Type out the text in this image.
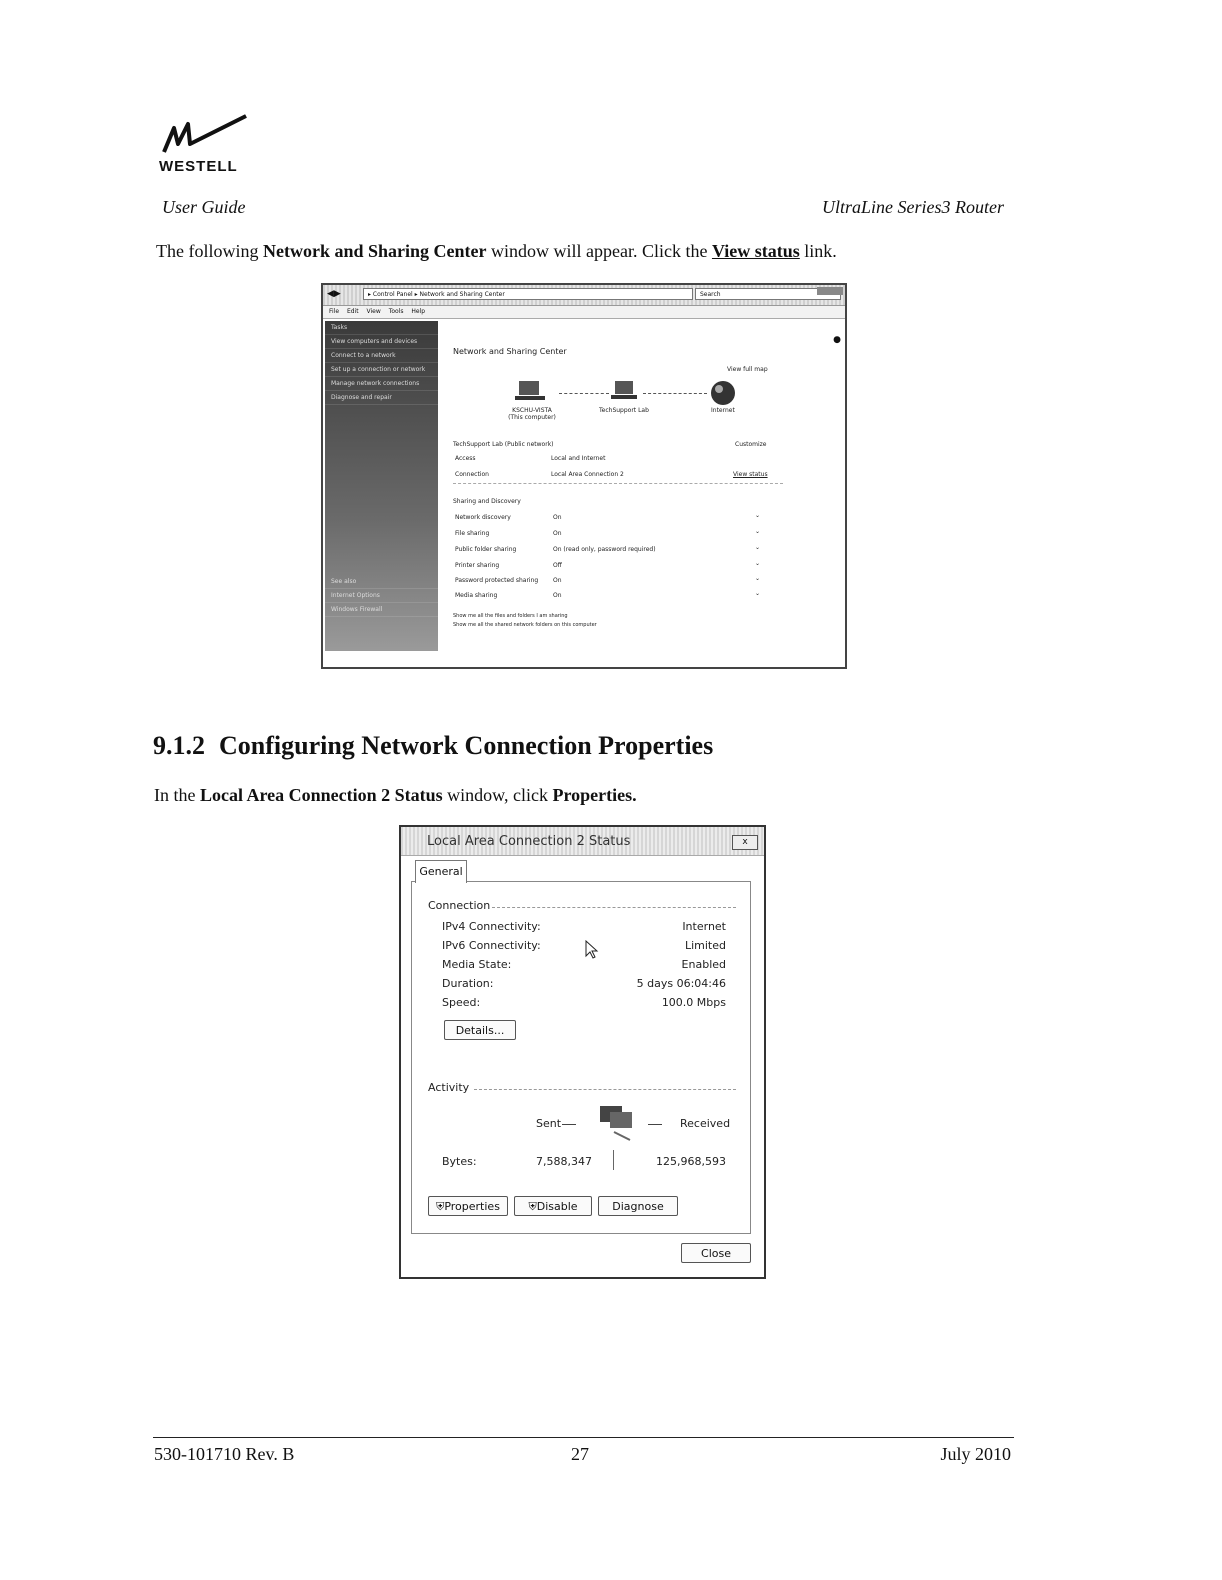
WESTELL
User Guide	UltraLine Series3 Router
The following Network and Sharing Center window will appear. Click the View status link.
◀▶	▸ Control Panel ▸ Network and Sharing Center	Search
File Edit View Tools Help
Tasks
View computers and devices
Connect to a network
Set up a connection or network
Manage network connections
Diagnose and repair
See also
Internet Options
Windows Firewall
●
Network and Sharing Center
View full map
KSCHU-VISTA
(This computer)
TechSupport Lab	Internet
TechSupport Lab (Public network)	Customize
Access	Local and Internet
Connection	Local Area Connection 2	View status
Sharing and Discovery
Network discovery	On	⌄
File sharing	On	⌄
Public folder sharing	On (read only, password required)	⌄
Printer sharing	Off	⌄
Password protected sharing On	⌄
Media sharing	On	⌄
Show me all the files and folders I am sharing
Show me all the shared network folders on this computer
9.1.2 Configuring Network Connection Properties
In the Local Area Connection 2 Status window, click Properties.
Local Area Connection 2 Status	x
General
Connection
IPv4 Connectivity:	Internet
IPv6 Connectivity:	Limited
Media State:	Enabled
Duration:	5 days 06:04:46
Speed:	100.0 Mbps
Details...
Activity
Sent	Received
Bytes:	7,588,347	125,968,593
⛨Properties	⛨Disable	Diagnose
Close
530-101710 Rev. B	27	July 2010
